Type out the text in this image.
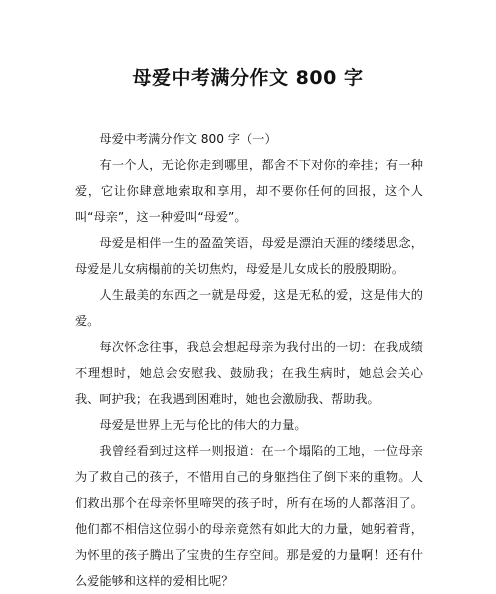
母爱中考满分作文 800 字

母爱中考满分作文 800 字（一）

有一个人，无论你走到哪里，都舍不下对你的牵挂；有一种爱，它让你肆意地索取和享用，却不要你任何的回报，这个人叫“母亲”，这一种爱叫“母爱”。

母爱是相伴一生的盈盈笑语，母爱是漂泊天涯的缕缕思念，母爱是儿女病榻前的关切焦灼，母爱是儿女成长的殷殷期盼。

人生最美的东西之一就是母爱，这是无私的爱，这是伟大的爱。

每次怀念往事，我总会想起母亲为我付出的一切：在我成绩不理想时，她总会安慰我、鼓励我；在我生病时，她总会关心我、呵护我；在我遇到困难时，她也会激励我、帮助我。

母爱是世界上无与伦比的伟大的力量。

我曾经看到过这样一则报道：在一个塌陷的工地，一位母亲为了救自己的孩子，不惜用自己的身躯挡住了倒下来的重物。人们救出那个在母亲怀里啼哭的孩子时，所有在场的人都落泪了。他们都不相信这位弱小的母亲竟然有如此大的力量，她躬着背，为怀里的孩子腾出了宝贵的生存空间。那是爱的力量啊！还有什么爱能够和这样的爱相比呢？
